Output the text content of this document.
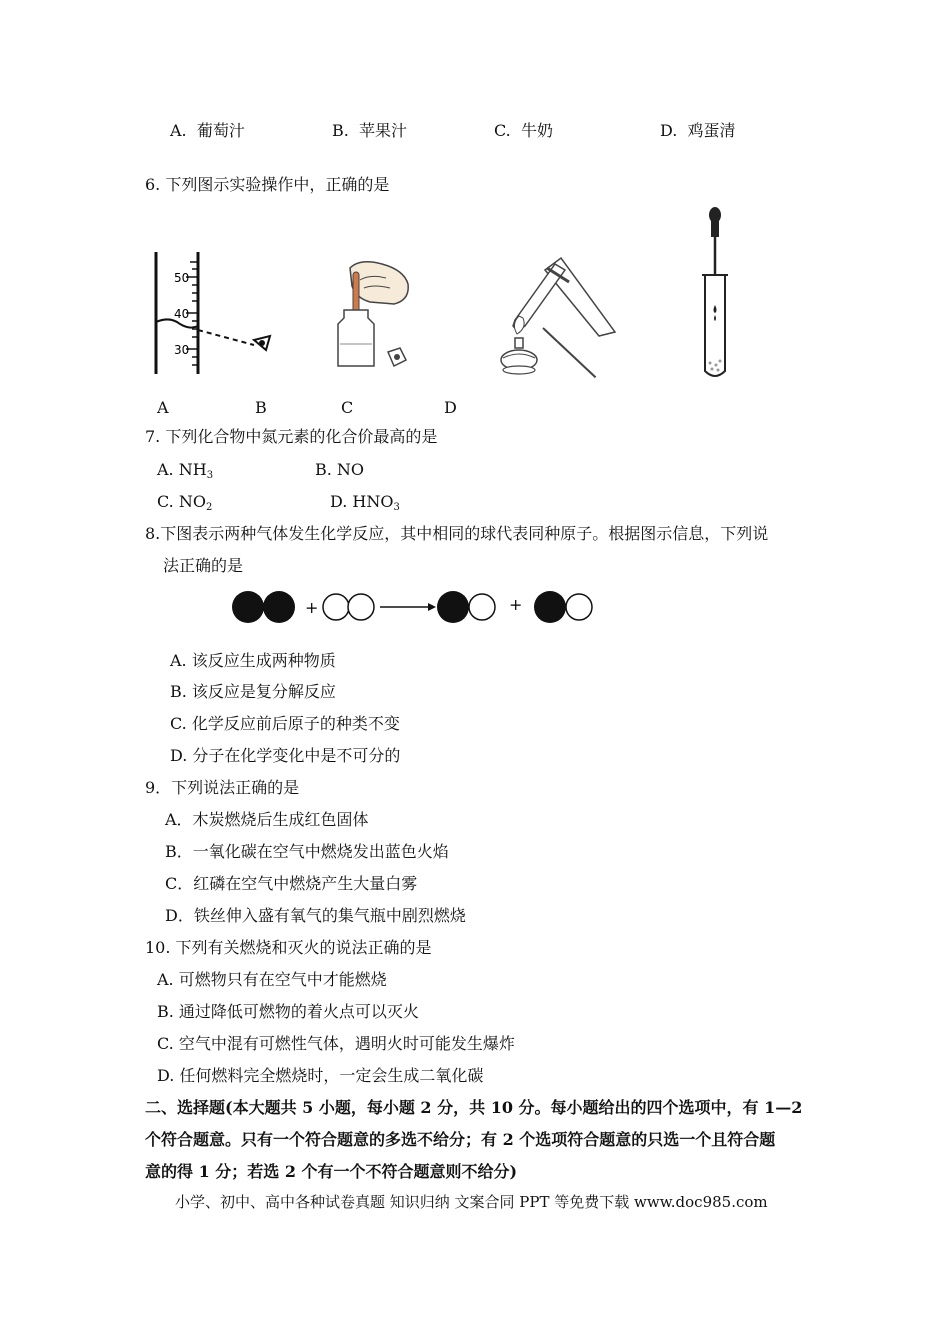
A. 葡萄汁	B. 苹果汁	C. 牛奶	D. 鸡蛋清
6. 下列图示实验操作中，正确的是
50
40
30
A	B	C	D
7. 下列化合物中氮元素的化合价最高的是
A. $NH_3$	B. NO
C. $NO_2$	D. $HNO_3$
8.下图表示两种气体发生化学反应，其中相同的球代表同种原子。根据图示信息，下列说
法正确的是
+	+
A. 该反应生成两种物质
B. 该反应是复分解反应
C. 化学反应前后原子的种类不变
D. 分子在化学变化中是不可分的
9．下列说法正确的是
A．木炭燃烧后生成红色固体
B．一氧化碳在空气中燃烧发出蓝色火焰
C．红磷在空气中燃烧产生大量白雾
D．铁丝伸入盛有氧气的集气瓶中剧烈燃烧
10. 下列有关燃烧和灭火的说法正确的是
A. 可燃物只有在空气中才能燃烧
B. 通过降低可燃物的着火点可以灭火
C. 空气中混有可燃性气体，遇明火时可能发生爆炸
D. 任何燃料完全燃烧时，一定会生成二氧化碳
二、选择题(本大题共 5 小题，每小题 2 分，共 10 分。每小题给出的四个选项中，有 1—2
个符合题意。只有一个符合题意的多选不给分；有 2 个选项符合题意的只选一个且符合题
意的得 1 分；若选 2 个有一个不符合题意则不给分)
小学、初中、高中各种试卷真题 知识归纳 文案合同 PPT 等免费下载 www.doc985.com
